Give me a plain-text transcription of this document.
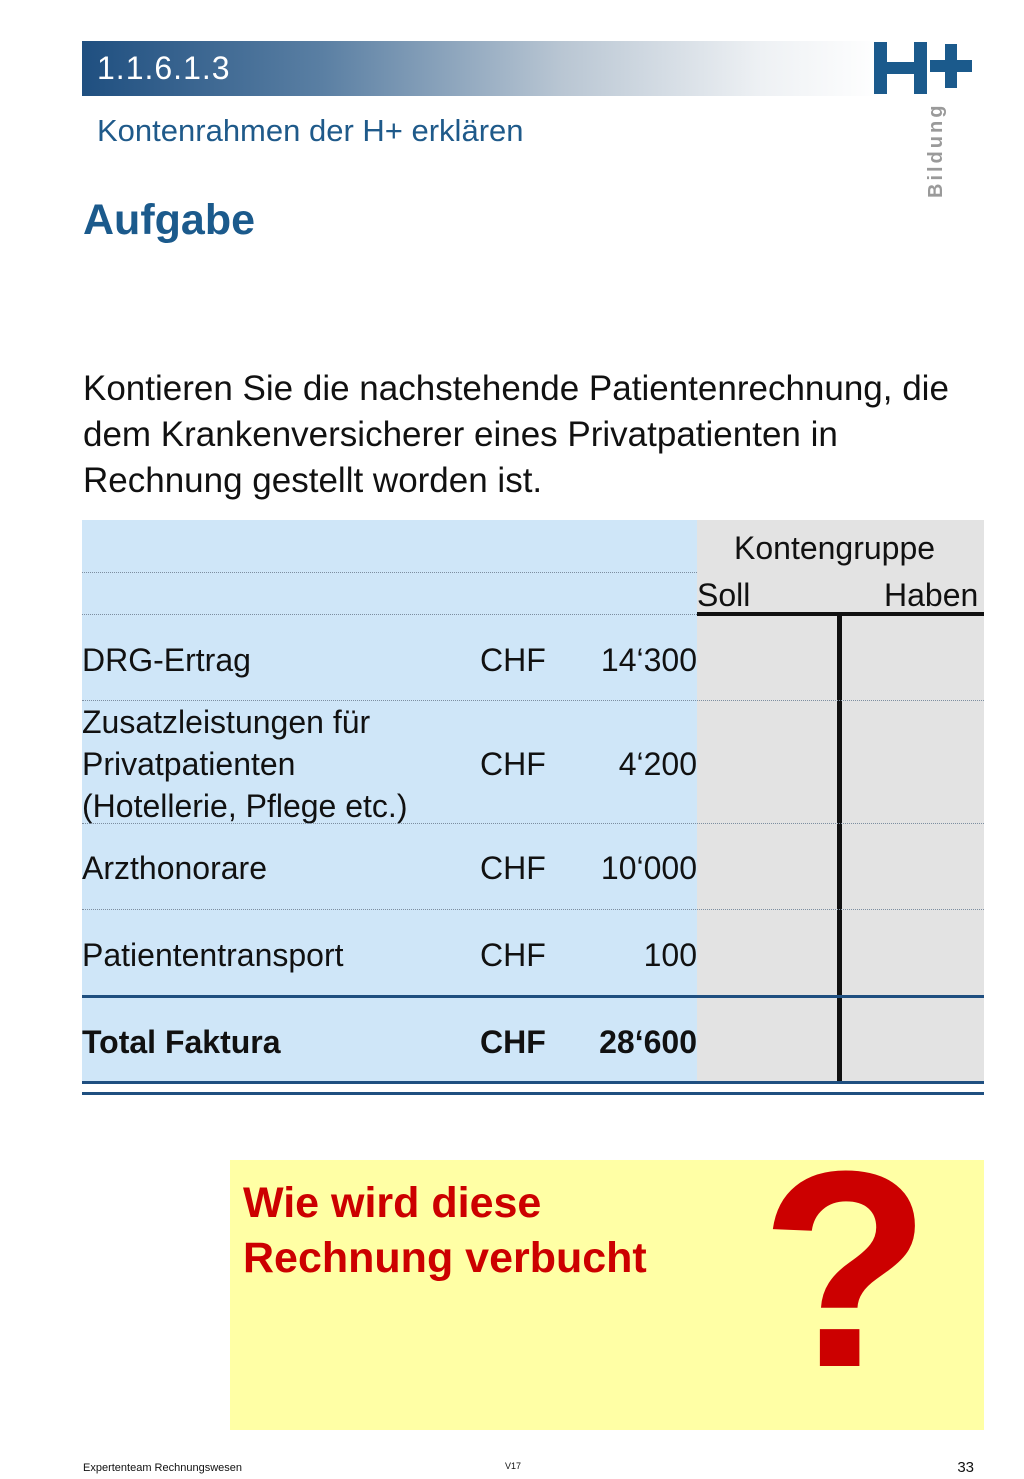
1.1.6.1.3
Kontenrahmen der H+ erklären
Aufgabe
H+
Bildung
Kontieren Sie die nachstehende Patientenrechnung, die dem Krankenversicherer eines Privatpatienten in Rechnung gestellt worden ist.
Kontengruppe
Soll	Haben
DRG-Ertrag	CHF	14‘300
Zusatzleistungen für
Privatpatienten
(Hotellerie, Pflege etc.)
CHF	4‘200
Arzthonorare	CHF	10‘000
Patiententransport	CHF	100
Total Faktura	CHF	28‘600
Wie wird diese
Rechnung verbucht ?
Expertenteam Rechnungswesen	V17	33
